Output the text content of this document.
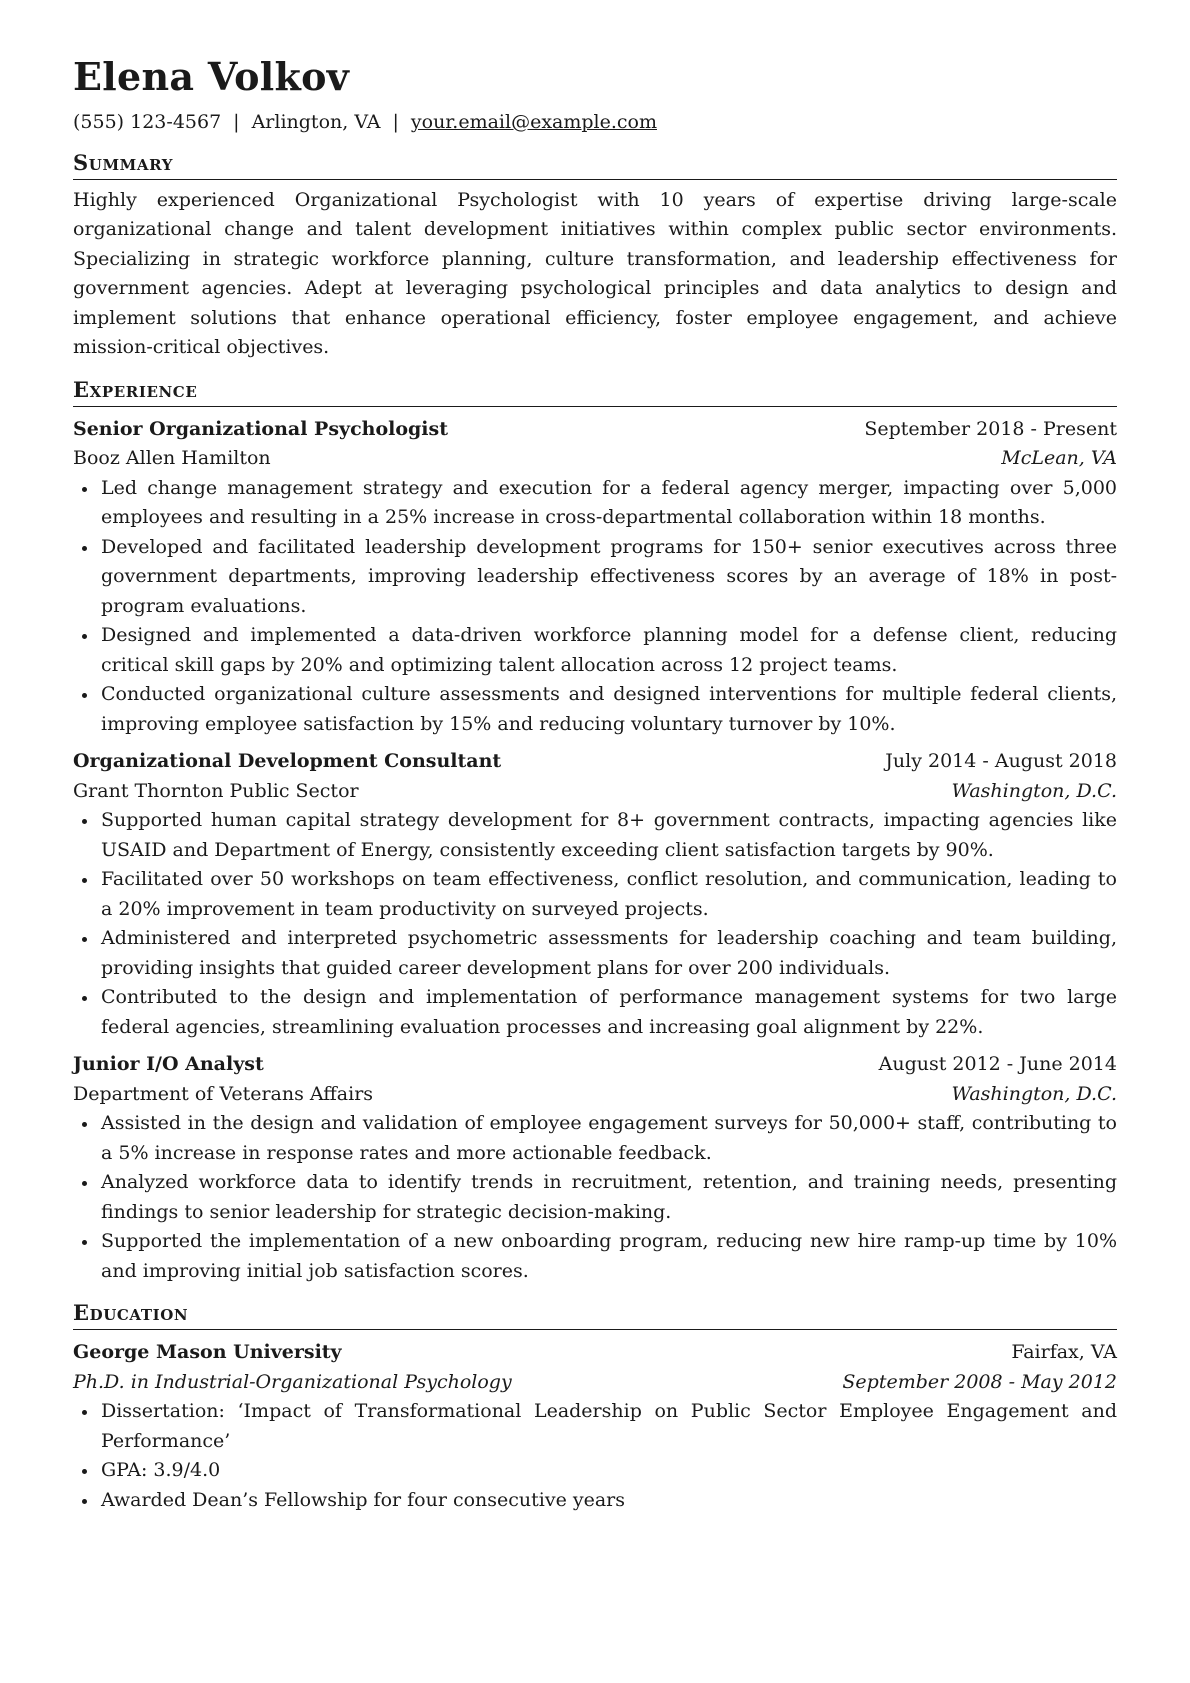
Elena Volkov
(555) 123-4567 | Arlington, VA | your.email@example.com
Summary
Highly experienced Organizational Psychologist with 10 years of expertise driving large-scale organizational change and talent development initiatives within complex public sector environments. Specializing in strategic workforce planning, culture transformation, and leadership effectiveness for government agencies. Adept at leveraging psychological principles and data analytics to design and implement solutions that enhance operational efficiency, foster employee engagement, and achieve mission-critical objectives.
Experience
Senior Organizational Psychologist	September 2018 - Present
Booz Allen Hamilton	McLean, VA
Led change management strategy and execution for a federal agency merger, impacting over 5,000 employees and resulting in a 25% increase in cross-departmental collaboration within 18 months.
Developed and facilitated leadership development programs for 150+ senior executives across three government departments, improving leadership effectiveness scores by an average of 18% in post-program evaluations.
Designed and implemented a data-driven workforce planning model for a defense client, reducing critical skill gaps by 20% and optimizing talent allocation across 12 project teams.
Conducted organizational culture assessments and designed interventions for multiple federal clients, improving employee satisfaction by 15% and reducing voluntary turnover by 10%.
Organizational Development Consultant	July 2014 - August 2018
Grant Thornton Public Sector	Washington, D.C.
Supported human capital strategy development for 8+ government contracts, impacting agencies like USAID and Department of Energy, consistently exceeding client satisfaction targets by 90%.
Facilitated over 50 workshops on team effectiveness, conflict resolution, and communication, leading to a 20% improvement in team productivity on surveyed projects.
Administered and interpreted psychometric assessments for leadership coaching and team building, providing insights that guided career development plans for over 200 individuals.
Contributed to the design and implementation of performance management systems for two large federal agencies, streamlining evaluation processes and increasing goal alignment by 22%.
Junior I/O Analyst	August 2012 - June 2014
Department of Veterans Affairs	Washington, D.C.
Assisted in the design and validation of employee engagement surveys for 50,000+ staff, contributing to a 5% increase in response rates and more actionable feedback.
Analyzed workforce data to identify trends in recruitment, retention, and training needs, presenting findings to senior leadership for strategic decision-making.
Supported the implementation of a new onboarding program, reducing new hire ramp-up time by 10% and improving initial job satisfaction scores.
Education
George Mason University	Fairfax, VA
Ph.D. in Industrial-Organizational Psychology	September 2008 - May 2012
Dissertation: ‘Impact of Transformational Leadership on Public Sector Employee Engagement and Performance’
GPA: 3.9/4.0
Awarded Dean’s Fellowship for four consecutive years
